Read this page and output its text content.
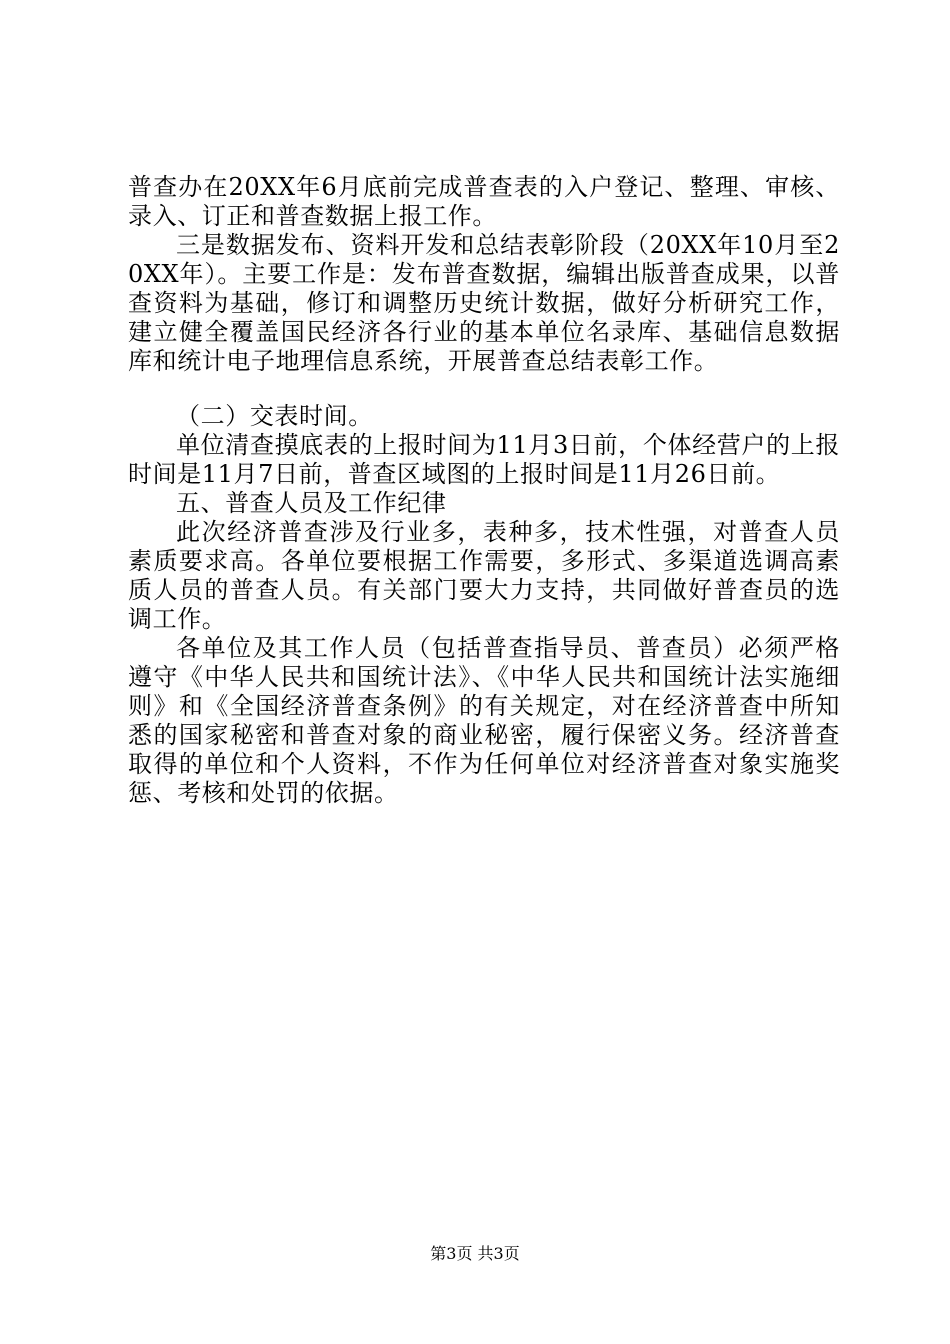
普查办在20XX年6月底前完成普查表的入户登记、整理、审核、录入、订正和普查数据上报工作。

三是数据发布、资料开发和总结表彰阶段（20XX年10月至20XX年）。主要工作是：发布普查数据，编辑出版普查成果，以普查资料为基础，修订和调整历史统计数据，做好分析研究工作，建立健全覆盖国民经济各行业的基本单位名录库、基础信息数据库和统计电子地理信息系统，开展普查总结表彰工作。

（二）交表时间。

单位清查摸底表的上报时间为11月3日前，个体经营户的上报时间是11月7日前，普查区域图的上报时间是11月26日前。

五、普查人员及工作纪律

此次经济普查涉及行业多，表种多，技术性强，对普查人员素质要求高。各单位要根据工作需要，多形式、多渠道选调高素质人员的普查人员。有关部门要大力支持，共同做好普查员的选调工作。

各单位及其工作人员（包括普查指导员、普查员）必须严格遵守《中华人民共和国统计法》、《中华人民共和国统计法实施细则》和《全国经济普查条例》的有关规定，对在经济普查中所知悉的国家秘密和普查对象的商业秘密，履行保密义务。经济普查取得的单位和个人资料，不作为任何单位对经济普查对象实施奖惩、考核和处罚的依据。

第3页 共3页
